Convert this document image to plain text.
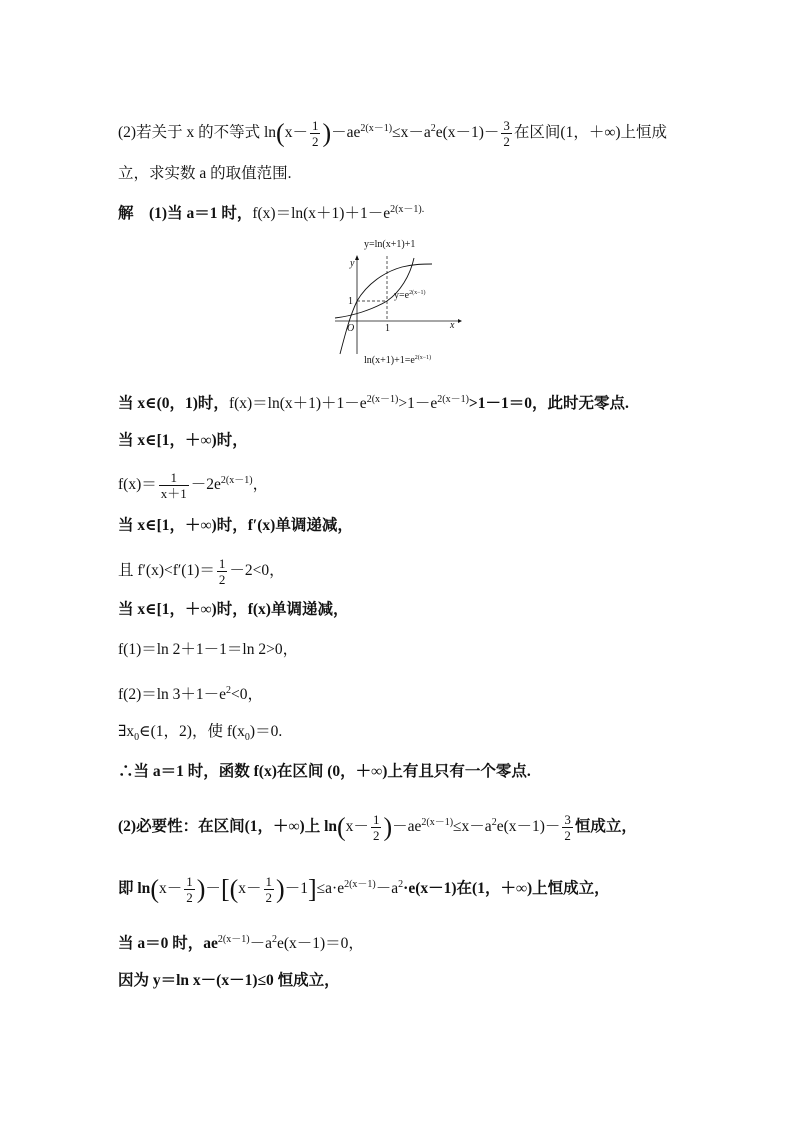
(2)若关于 x 的不等式 $\ln(x- \frac{1}{2} )-ae^{2(x-1)}\le x-a^2e(x-1)- \frac{3}{2}$ 在区间(1，＋∞)上恒成
立，求实数 a 的取值范围.
解　(1)当 a＝1 时，$f(x)=\ln(x+1)+1-e^{2(x-1).}$
y=ln(x+1)+1
y
x
1
O	1
$y=e^{2(x-1)}$
$\ln(x+1)+1=e^{2(x-1)}$
当 x∈(0，1)时，$f(x)=\ln(x+1)+1-e^{2(x-1)}>1-e^{2(x-1)}>1-1=0$，此时无零点.
当 x∈[1，＋∞)时，
$f(x)= \frac{1}{x+1} -2e^{2(x-1)}$，
当 x∈[1，＋∞)时，f′(x)单调递减，
且 $f'(x)<f'(1)= \frac{1}{2} -2<0$，
当 x∈[1，＋∞)时，f(x)单调递减，
f(1)＝ln 2＋1－1＝ln 2>0，
f(2)＝ln $3+1-e^2<0$，
$\exists x_0\in(1$，2)，使 $f(x_0)=0$.
∴当 a＝1 时，函数 f(x)在区间 (0，＋∞)上有且只有一个零点.
(2)必要性：在区间(1，＋∞)上 $\ln(x- \frac{1}{2} )-ae^{2(x-1)}\le x-a^2e(x-1)- \frac{3}{2}$ 恒成立，
即 $\ln(x- \frac{1}{2} )-[(x- \frac{1}{2} )-1]\le a\cdot e^{2(x-1)}-a^2\cdot e(x-1)$在(1，＋∞)上恒成立，
当 a＝0 时，$ae^{2(x-1)}-a^2e(x-1)=0$，
因为 y＝ln x－(x－1)≤0 恒成立，
